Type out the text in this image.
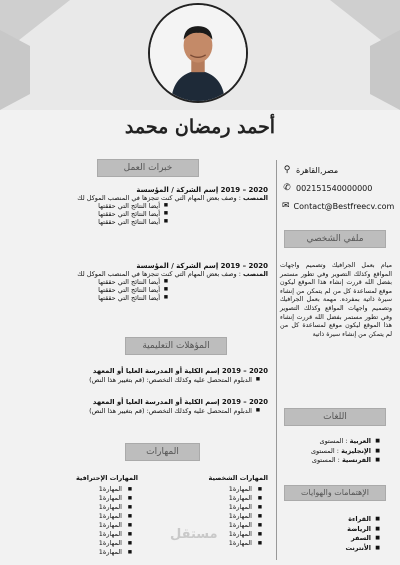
أحمد رمضان محمد
⚲ مصر,القاهرة
✆ 002151540000000
✉ Contact@Bestfreecv.com
ملفي الشخصي
ميام بعمل الجرافيك وتصميم واجهات المواقع وكذلك التصوير وفي تطور مستمر بفضل الله قررت إنشاء هذا الموقع ليكون موقع لمساعدة كل من لم يتمكن من إنشاء سيرة ذاتية بمفرده. مهمة بعمل الجرافيك وتصميم واجهات المواقع وكذلك التصوير وفي تطور مستمر بفضل الله قررت إنشاء هذا الموقع ليكون موقع لمساعدة كل من لم يتمكن من إنشاء سيرة ذاتية
اللغات
■ العربية : المستوى
■ الإنجليزية : المستوى
■ الفرنسية : المستوى
الإهتمامات والهوايات
■ القراءة
■ الرياضة
■ السفر
■ الأنترنت
خبرات العمل
2020 – 2019 إسم الشركة / المؤسسة
المنصب : وصف بعض المهام التي كنت تنجزها في المنصب الموكل لك
■ أيضا النتائج التي حققتها
■ أيضا النتائج التي حققتها
■ أيضا النتائج التي حققتها
2020 – 2019 إسم الشركة / المؤسسة
المنصب : وصف بعض المهام التي كنت تنجزها في المنصب الموكل لك
■ أيضا النتائج التي حققتها
■ أيضا النتائج التي حققتها
■ أيضا النتائج التي حققتها
المؤهلات التعليمية
2020 – 2019 إسم الكلية أو المدرسة العليا أو المعهد
■ الدبلوم المتحصل عليه وكذلك التخصص: (قم بتغيير هذا النص)
2020 – 2019 إسم الكلية أو المدرسة العليا أو المعهد
■ الدبلوم المتحصل عليه وكذلك التخصص: (قم بتغيير هذا النص)
المهارات
المهارات الشخصية
■ المهارة1
■ المهارة1
■ المهارة1
■ المهارة1
■ المهارة1
■ المهارة1
■ المهارة1
المهارات الإحترافية
■ المهارة1
■ المهارة1
■ المهارة1
■ المهارة1
■ المهارة1
■ المهارة1
■ المهارة1
■ المهارة1
مستقل
